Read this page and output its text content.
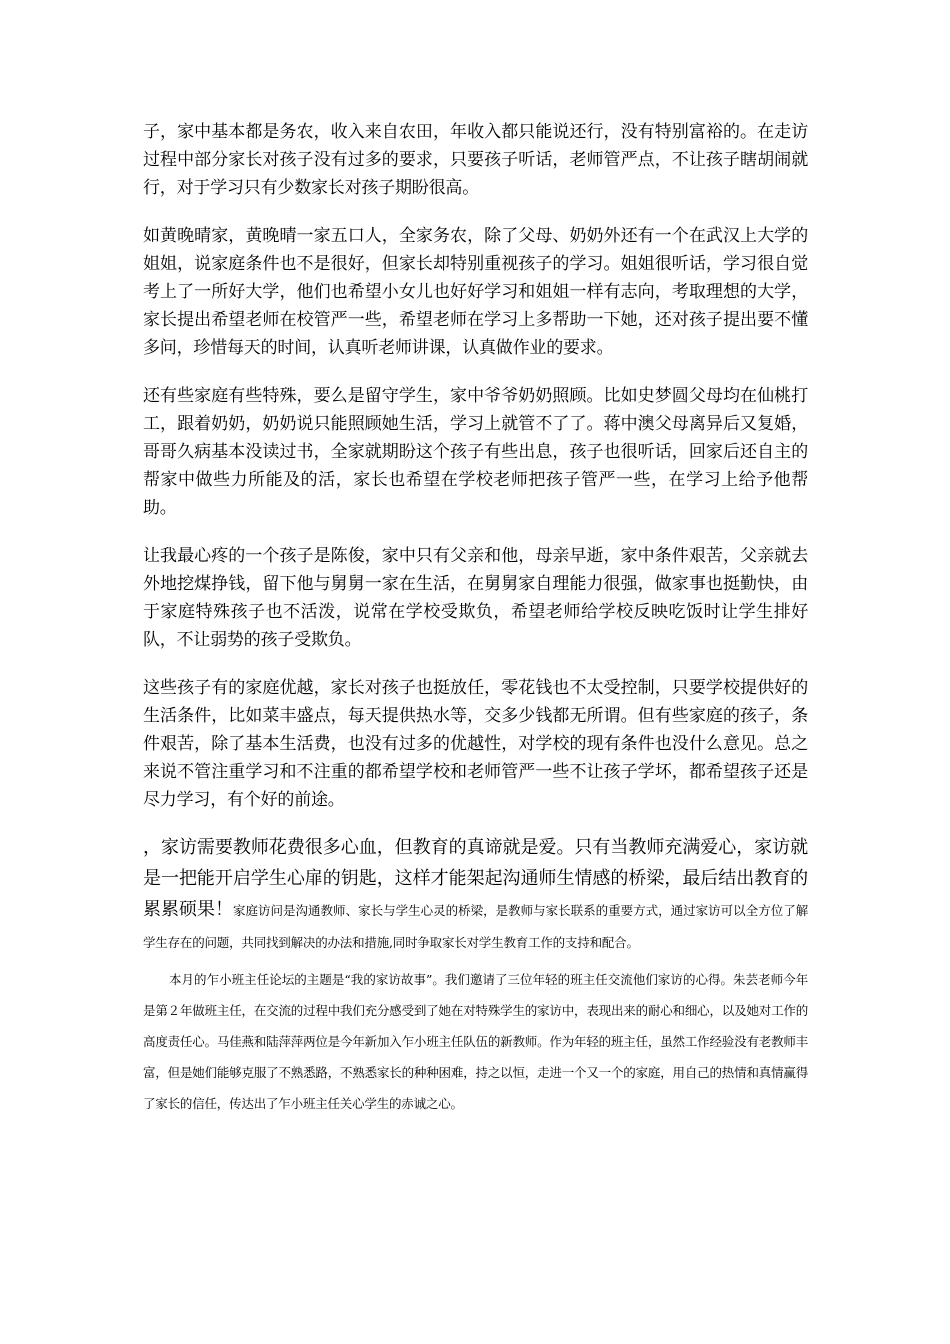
子，家中基本都是务农，收入来自农田，年收入都只能说还行，没有特别富裕的。在走访过程中部分家长对孩子没有过多的要求，只要孩子听话，老师管严点，不让孩子瞎胡闹就行，对于学习只有少数家长对孩子期盼很高。

如黄晚晴家，黄晚晴一家五口人，全家务农，除了父母、奶奶外还有一个在武汉上大学的姐姐，说家庭条件也不是很好，但家长却特别重视孩子的学习。姐姐很听话，学习很自觉考上了一所好大学，他们也希望小女儿也好好学习和姐姐一样有志向，考取理想的大学，家长提出希望老师在校管严一些，希望老师在学习上多帮助一下她，还对孩子提出要不懂多问，珍惜每天的时间，认真听老师讲课，认真做作业的要求。

还有些家庭有些特殊，要么是留守学生，家中爷爷奶奶照顾。比如史梦圆父母均在仙桃打工，跟着奶奶，奶奶说只能照顾她生活，学习上就管不了了。蒋中澳父母离异后又复婚，哥哥久病基本没读过书，全家就期盼这个孩子有些出息，孩子也很听话，回家后还自主的帮家中做些力所能及的活，家长也希望在学校老师把孩子管严一些，在学习上给予他帮助。

让我最心疼的一个孩子是陈俊，家中只有父亲和他，母亲早逝，家中条件艰苦，父亲就去外地挖煤挣钱，留下他与舅舅一家在生活，在舅舅家自理能力很强，做家事也挺勤快，由于家庭特殊孩子也不活泼，说常在学校受欺负，希望老师给学校反映吃饭时让学生排好队，不让弱势的孩子受欺负。

这些孩子有的家庭优越，家长对孩子也挺放任，零花钱也不太受控制，只要学校提供好的生活条件，比如菜丰盛点，每天提供热水等，交多少钱都无所谓。但有些家庭的孩子，条件艰苦，除了基本生活费，也没有过多的优越性，对学校的现有条件也没什么意见。总之来说不管注重学习和不注重的都希望学校和老师管严一些不让孩子学坏，都希望孩子还是尽力学习，有个好的前途。

，家访需要教师花费很多心血，但教育的真谛就是爱。只有当教师充满爱心，家访就是一把能开启学生心扉的钥匙，这样才能架起沟通师生情感的桥梁，最后结出教育的累累硕果！家庭访问是沟通教师、家长与学生心灵的桥梁，是教师与家长联系的重要方式，通过家访可以全方位了解学生存在的问题，共同找到解决的办法和措施,同时争取家长对学生教育工作的支持和配合。

本月的乍小班主任论坛的主题是“我的家访故事”。我们邀请了三位年轻的班主任交流他们家访的心得。朱芸老师今年是第２年做班主任，在交流的过程中我们充分感受到了她在对特殊学生的家访中，表现出来的耐心和细心，以及她对工作的高度责任心。马佳燕和陆萍萍两位是今年新加入乍小班主任队伍的新教师。作为年轻的班主任，虽然工作经验没有老教师丰富，但是她们能够克服了不熟悉路，不熟悉家长的种种困难，持之以恒，走进一个又一个的家庭，用自己的热情和真情赢得了家长的信任，传达出了乍小班主任关心学生的赤诚之心。
